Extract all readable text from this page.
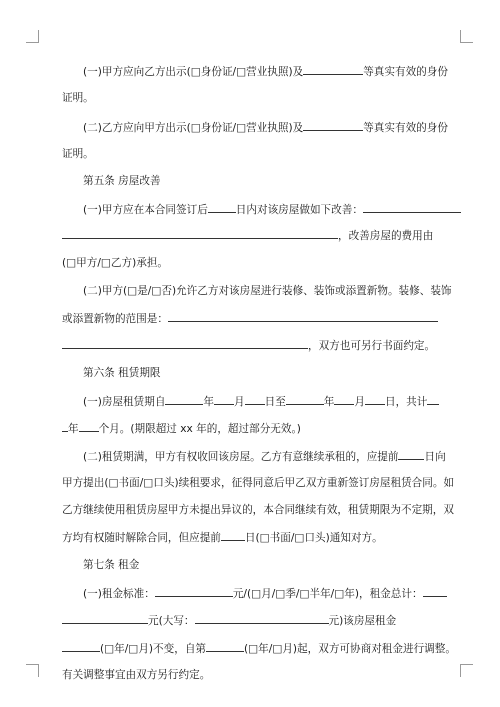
(一)甲方应向乙方出示(□身份证/□营业执照)及	等真实有效的身份
证明。
(二)乙方应向甲方出示(□身份证/□营业执照)及	等真实有效的身份
证明。
第五条 房屋改善
(一)甲方应在本合同签订后	日内对该房屋做如下改善：
，改善房屋的费用由
(□甲方/□乙方)承担。
(二)甲方(□是/□否)允许乙方对该房屋进行装修、装饰或添置新物。装修、装饰
或添置新物的范围是：
，双方也可另行书面约定。
第六条 租赁期限
(一)房屋租赁期自	年 月 日至	年 月 日，共计
年 个月。(期限超过 xx 年的，超过部分无效。)
(二)租赁期满，甲方有权收回该房屋。乙方有意继续承租的，应提前 日向
甲方提出(□书面/□口头)续租要求，征得同意后甲乙双方重新签订房屋租赁合同。如
乙方继续使用租赁房屋甲方未提出异议的，本合同继续有效，租赁期限为不定期，双
方均有权随时解除合同，但应提前 日(□书面/□口头)通知对方。
第七条 租金
(一)租金标准：	元/(□月/□季/□半年/□年)，租金总计：
元(大写：	元)该房屋租金
(□年/□月)不变，自第	(□年/□月)起，双方可协商对租金进行调整。
有关调整事宜由双方另行约定。
